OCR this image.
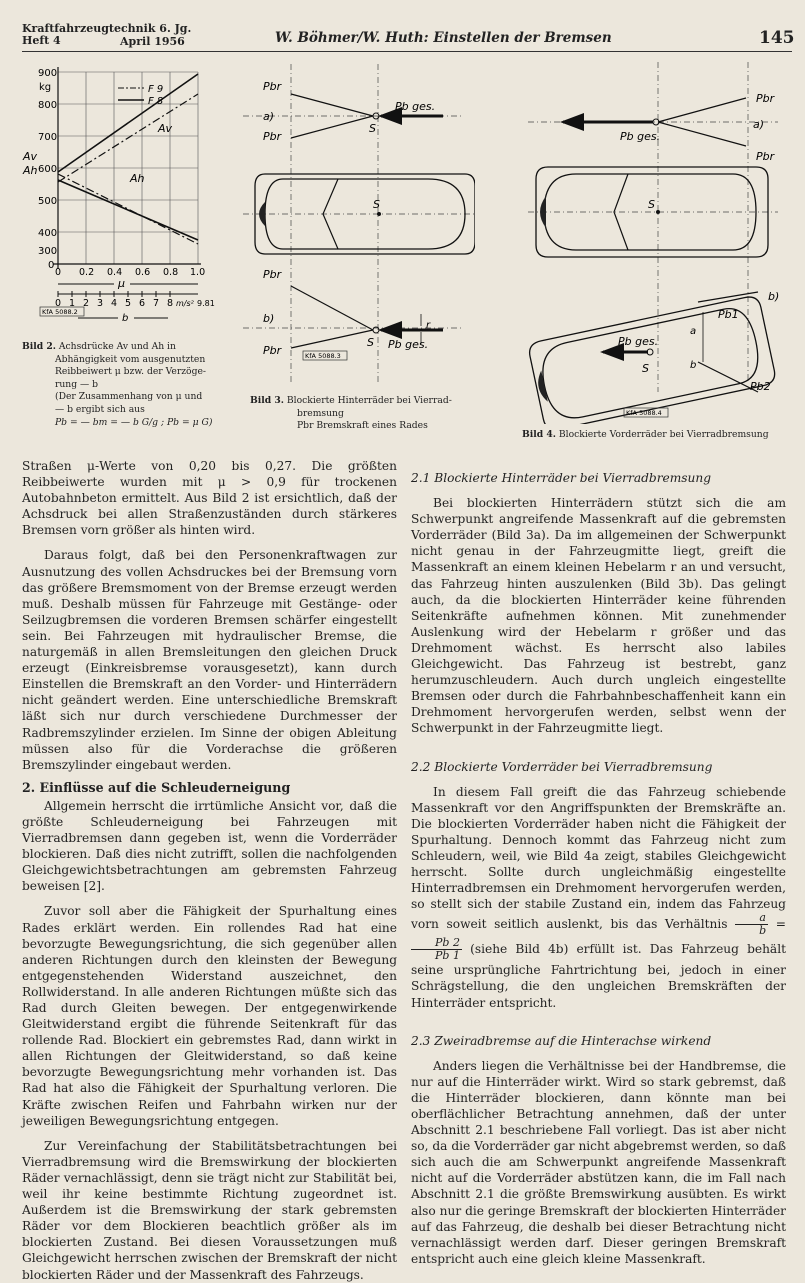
Kraftfahrzeugtechnik 6. Jg.
Heft 4	April 1956	W. Böhmer/W. Huth: Einstellen der Bremsen	145
F 9
F 8
Av
Ah
900
kg
800
700
600
500
400
300
0
Av
Ah
0 0.2 0.4 0.6 0.8 1.0
μ
0 1 2 3 4 5 6 7 8 m/s² 9.81
b
KfA 5088.2
Bild 2. Achsdrücke Av und Ah in
Abhängigkeit vom ausgenutzten
Reibbeiwert μ bzw. der Verzöge-
rung — b
(Der Zusammenhang von μ und
— b ergibt sich aus
Pb = — bm = — b G/g ; Pb = μ G)
Pbr
a)
Pbr
S
Pb ges.
S
Pbr
b)
Pbr
r
S Pb ges.
KfA 5088.3
Bild 3. Blockierte Hinterräder bei Vierrad-
bremsung
Pbr Bremskraft eines Rades
Pbr
Pb ges.
a)
Pbr
S
b)
Pb1
Pb ges.
a
S	b
Pb2
KfA 5088.4
Bild 4. Blockierte Vorderräder bei Vierradbremsung

Straßen μ-Werte von 0,20 bis 0,27. Die größten Reibbeiwerte wurden mit μ > 0,9 für trockenen Autobahnbeton ermittelt. Aus Bild 2 ist ersichtlich, daß der Achsdruck bei allen Straßenzuständen durch stärkeres Bremsen vorn größer als hinten wird.

Daraus folgt, daß bei den Personenkraftwagen zur Ausnutzung des vollen Achsdruckes bei der Bremsung vorn das größere Bremsmoment von der Bremse erzeugt werden muß. Deshalb müssen für Fahrzeuge mit Gestänge- oder Seilzugbremsen die vorderen Bremsen schärfer eingestellt sein. Bei Fahrzeugen mit hydraulischer Bremse, die naturgemäß in allen Bremsleitungen den gleichen Druck erzeugt (Einkreisbremse vorausgesetzt), kann durch Einstellen die Bremskraft an den Vorder- und Hinterrädern nicht geändert werden. Eine unterschiedliche Bremskraft läßt sich nur durch verschiedene Durchmesser der Radbremszylinder erzielen. Im Sinne der obigen Ableitung müssen also für die Vorderachse die größeren Bremszylinder eingebaut werden.

2. Einflüsse auf die Schleuderneigung

Allgemein herrscht die irrtümliche Ansicht vor, daß die größte Schleuderneigung bei Fahrzeugen mit Vierradbremsen dann gegeben ist, wenn die Vorderräder blockieren. Daß dies nicht zutrifft, sollen die nachfolgenden Gleichgewichtsbetrachtungen am gebremsten Fahrzeug beweisen [2].

Zuvor soll aber die Fähigkeit der Spurhaltung eines Rades erklärt werden. Ein rollendes Rad hat eine bevorzugte Bewegungsrichtung, die sich gegenüber allen anderen Richtungen durch den kleinsten der Bewegung entgegenstehenden Widerstand auszeichnet, den Rollwiderstand. In alle anderen Richtungen müßte sich das Rad durch Gleiten bewegen. Der entgegenwirkende Gleitwiderstand ergibt die führende Seitenkraft für das rollende Rad. Blockiert ein gebremstes Rad, dann wirkt in allen Richtungen der Gleitwiderstand, so daß keine bevorzugte Bewegungsrichtung mehr vorhanden ist. Das Rad hat also die Fähigkeit der Spurhaltung verloren. Die Kräfte zwischen Reifen und Fahrbahn wirken nur der jeweiligen Bewegungsrichtung entgegen.

Zur Vereinfachung der Stabilitätsbetrachtungen bei Vierradbremsung wird die Bremswirkung der blockierten Räder vernachlässigt, denn sie trägt nicht zur Stabilität bei, weil ihr keine bestimmte Richtung zugeordnet ist. Außerdem ist die Bremswirkung der stark gebremsten Räder vor dem Blockieren beachtlich größer als im blockierten Zustand. Bei diesen Voraussetzungen muß Gleichgewicht herrschen zwischen der Bremskraft der nicht blockierten Räder und der Massenkraft des Fahrzeugs.

2.1 Blockierte Hinterräder bei Vierradbremsung

Bei blockierten Hinterrädern stützt sich die am Schwerpunkt angreifende Massenkraft auf die gebremsten Vorderräder (Bild 3a). Da im allgemeinen der Schwerpunkt nicht genau in der Fahrzeugmitte liegt, greift die Massenkraft an einem kleinen Hebelarm r an und versucht, das Fahrzeug hinten auszulenken (Bild 3b). Das gelingt auch, da die blockierten Hinterräder keine führenden Seitenkräfte aufnehmen können. Mit zunehmender Auslenkung wird der Hebelarm r größer und das Drehmoment wächst. Es herrscht also labiles Gleichgewicht. Das Fahrzeug ist bestrebt, ganz herumzuschleudern. Auch durch ungleich eingestellte Bremsen oder durch die Fahrbahnbeschaffenheit kann ein Drehmoment hervorgerufen werden, selbst wenn der Schwerpunkt in der Fahrzeugmitte liegt.

2.2 Blockierte Vorderräder bei Vierradbremsung

In diesem Fall greift die das Fahrzeug schiebende Massenkraft vor den Angriffspunkten der Bremskräfte an. Die blockierten Vorderräder haben nicht die Fähigkeit der Spurhaltung. Dennoch kommt das Fahrzeug nicht zum Schleudern, weil, wie Bild 4a zeigt, stabiles Gleichgewicht herrscht. Sollte durch ungleichmäßig eingestellte Hinterradbremsen ein Drehmoment hervorgerufen werden, so stellt sich der stabile Zustand ein, indem das Fahrzeug vorn soweit seitlich auslenkt, bis das Verhältnis $\frac{a}{b}$ =
$\frac{Pb 2}{Pb 1}$ (siehe Bild 4b) erfüllt ist. Das Fahrzeug behält seine ursprüngliche Fahrtrichtung bei, jedoch in einer Schrägstellung, die den ungleichen Bremskräften der Hinterräder entspricht.

2.3 Zweiradbremse auf die Hinterachse wirkend

Anders liegen die Verhältnisse bei der Handbremse, die nur auf die Hinterräder wirkt. Wird so stark gebremst, daß die Hinterräder blockieren, dann könnte man bei oberflächlicher Betrachtung annehmen, daß der unter Abschnitt 2.1 beschriebene Fall vorliegt. Das ist aber nicht so, da die Vorderräder gar nicht abgebremst werden, so daß sich auch die am Schwerpunkt angreifende Massenkraft nicht auf die Vorderräder abstützen kann, die im Fall nach Abschnitt 2.1 die größte Bremswirkung ausübten. Es wirkt also nur die geringe Bremskraft der blockierten Hinterräder auf das Fahrzeug, die deshalb bei dieser Betrachtung nicht vernachlässigt werden darf. Dieser geringen Bremskraft entspricht auch eine gleich kleine Massenkraft.
